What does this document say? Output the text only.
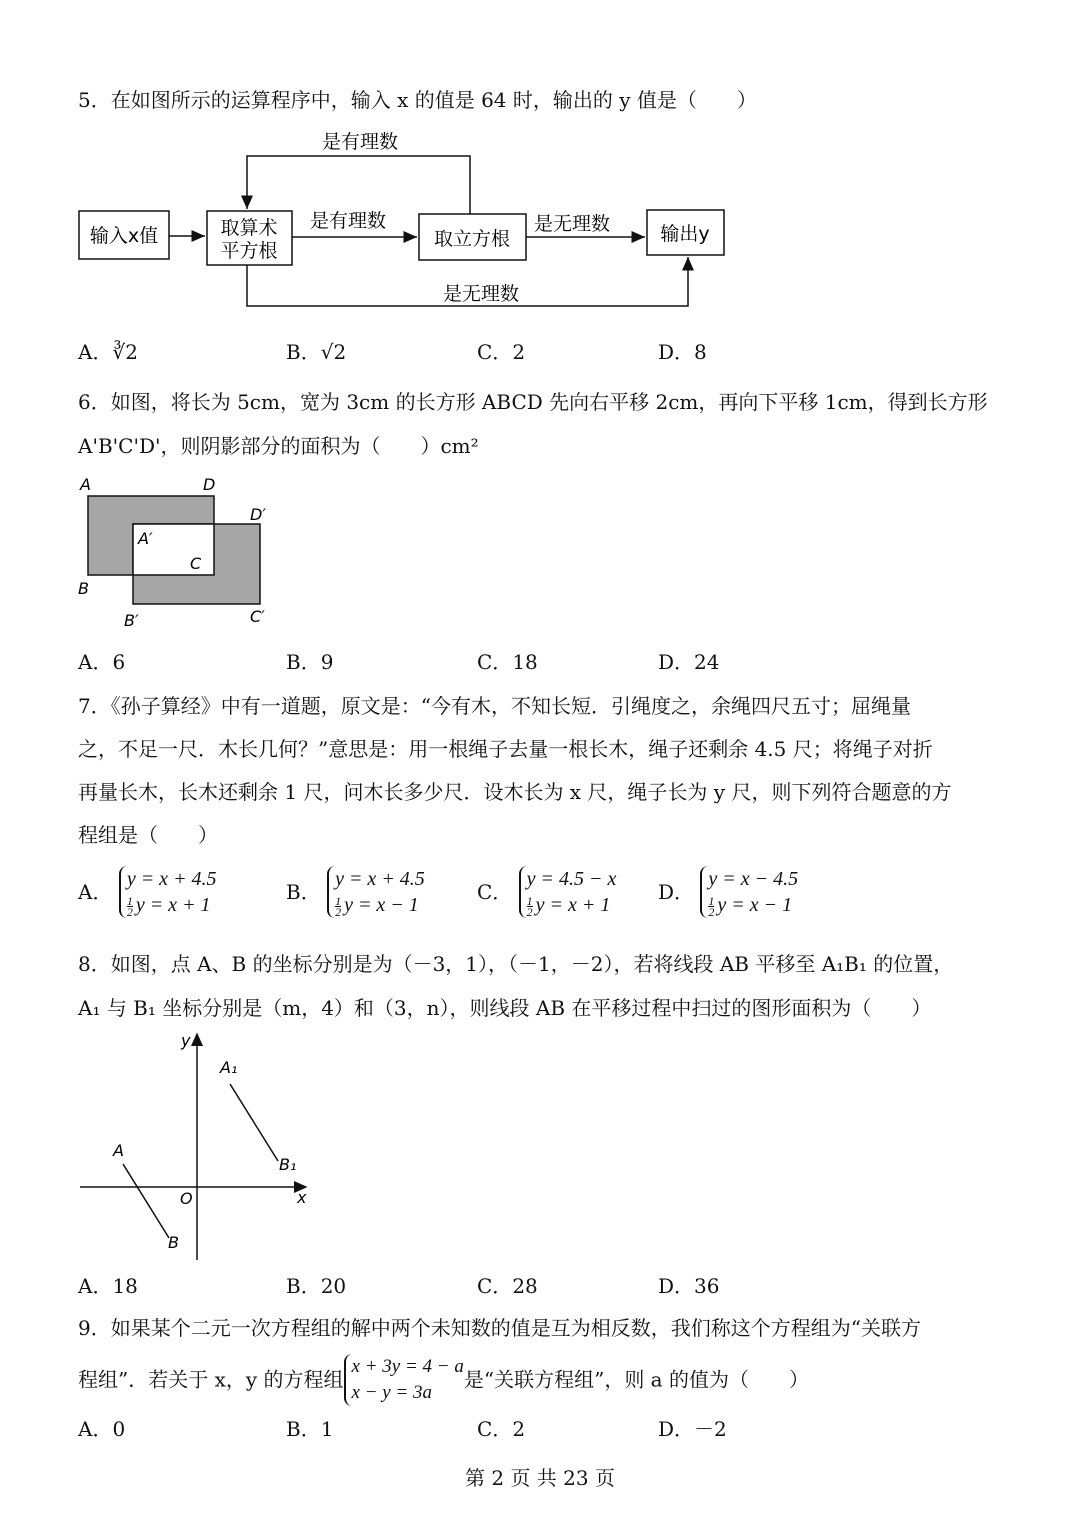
5．在如图所示的运算程序中，输入 x 的值是 64 时，输出的 y 值是（　　）
输入x值	取算术
平方根
取立方根	输出y
是有理数
是有理数	是无理数
是无理数
A．∛2	B．√2	C．2	D．8
6．如图，将长为 5cm，宽为 3cm 的长方形 ABCD 先向右平移 2cm，再向下平移 1cm，得到长方形
A'B'C'D'，则阴影部分的面积为（　　）cm²
A	D
D′
A′
C
B
B′	C′
A．6	B．9	C．18	D．24
7．《孙子算经》中有一道题，原文是：“今有木，不知长短．引绳度之，余绳四尺五寸；屈绳量
之，不足一尺．木长几何？”意思是：用一根绳子去量一根长木，绳子还剩余 4.5 尺；将绳子对折
再量长木，长木还剩余 1 尺，问木长多少尺．设木长为 x 尺，绳子长为 y 尺，则下列符合题意的方
程组是（　　）
A． y = x + 4.5

$\frac{1}{2}$ y = x + 1
B． y = x + 4.5

$\frac{1}{2}$ y = x − 1
C． y = 4.5 − x

$\frac{1}{2}$ y = x + 1
D． y = x − 4.5

$\frac{1}{2}$ y = x − 1
8．如图，点 A、B 的坐标分别是为（－3，1），（－1，－2），若将线段 AB 平移至 A₁B₁ 的位置，
A₁ 与 B₁ 坐标分别是（m，4）和（3，n），则线段 AB 在平移过程中扫过的图形面积为（　　）
y
x
O
A
B
A₁
B₁
A．18	B．20	C．28	D．36
9．如果某个二元一次方程组的解中两个未知数的值是互为相反数，我们称这个方程组为“关联方
程组”．若关于 x，y 的方程组x + 3y = 4 − a
x − y = 3a是“关联方程组”，则 a 的值为（　　）
A．0	B．1	C．2	D．－2
第 2 页 共 23 页
